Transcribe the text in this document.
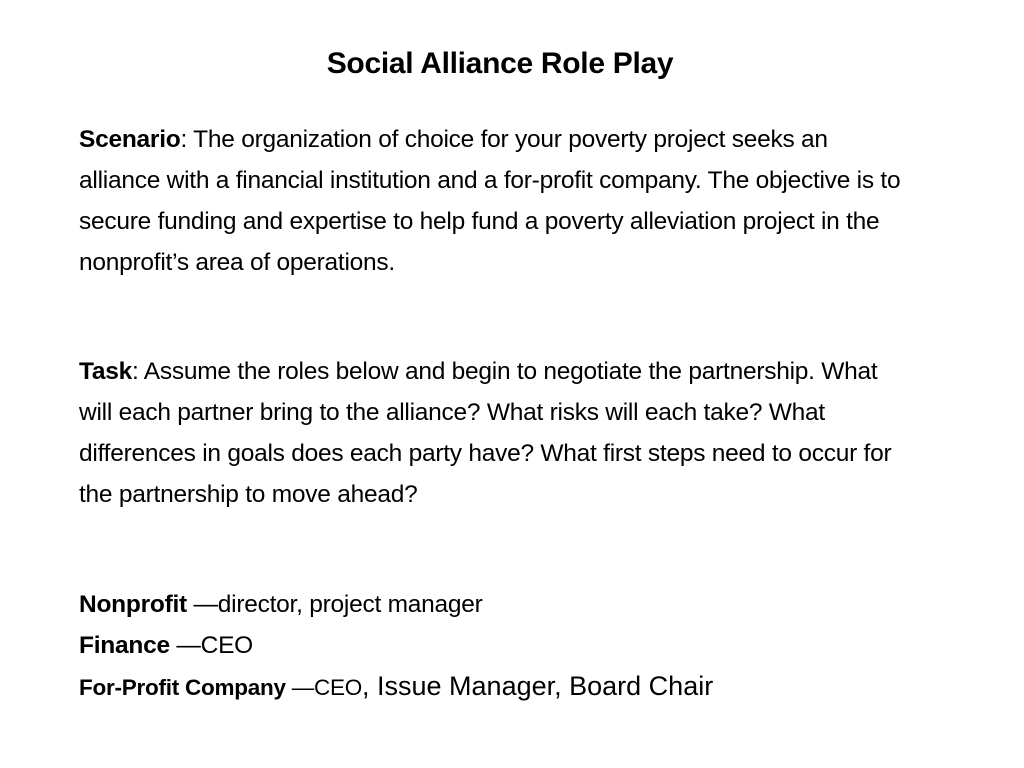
Social Alliance Role Play

Scenario: The organization of choice for your poverty project seeks an alliance with a financial institution and a for-profit company. The objective is to secure funding and expertise to help fund a poverty alleviation project in the nonprofit’s area of operations.

Task: Assume the roles below and begin to negotiate the partnership. What will each partner bring to the alliance? What risks will each take? What differences in goals does each party have? What first steps need to occur for the partnership to move ahead?

Nonprofit —director, project manager
Finance —CEO
For-Profit Company —CEO, Issue Manager, Board Chair
